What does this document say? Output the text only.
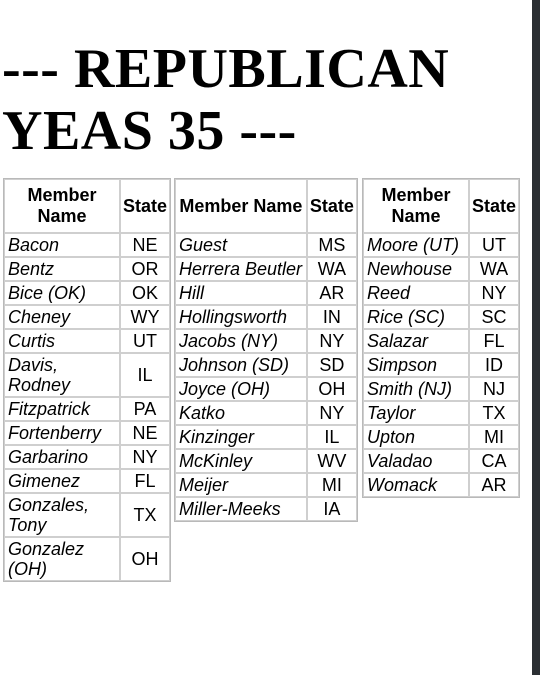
--- REPUBLICAN
YEAS 35 ---
Member Name	State
Bacon	NE
Bentz	OR
Bice (OK)	OK
Cheney	WY
Curtis	UT
Davis, Rodney	IL
Fitzpatrick	PA
Fortenberry	NE
Garbarino	NY
Gimenez	FL
Gonzales, Tony	TX
Gonzalez (OH)	OH
Member Name	State
Guest	MS
Herrera Beutler	WA
Hill	AR
Hollingsworth	IN
Jacobs (NY)	NY
Johnson (SD)	SD
Joyce (OH)	OH
Katko	NY
Kinzinger	IL
McKinley	WV
Meijer	MI
Miller-Meeks	IA
Member Name	State
Moore (UT)	UT
Newhouse	WA
Reed	NY
Rice (SC)	SC
Salazar	FL
Simpson	ID
Smith (NJ)	NJ
Taylor	TX
Upton	MI
Valadao	CA
Womack	AR
